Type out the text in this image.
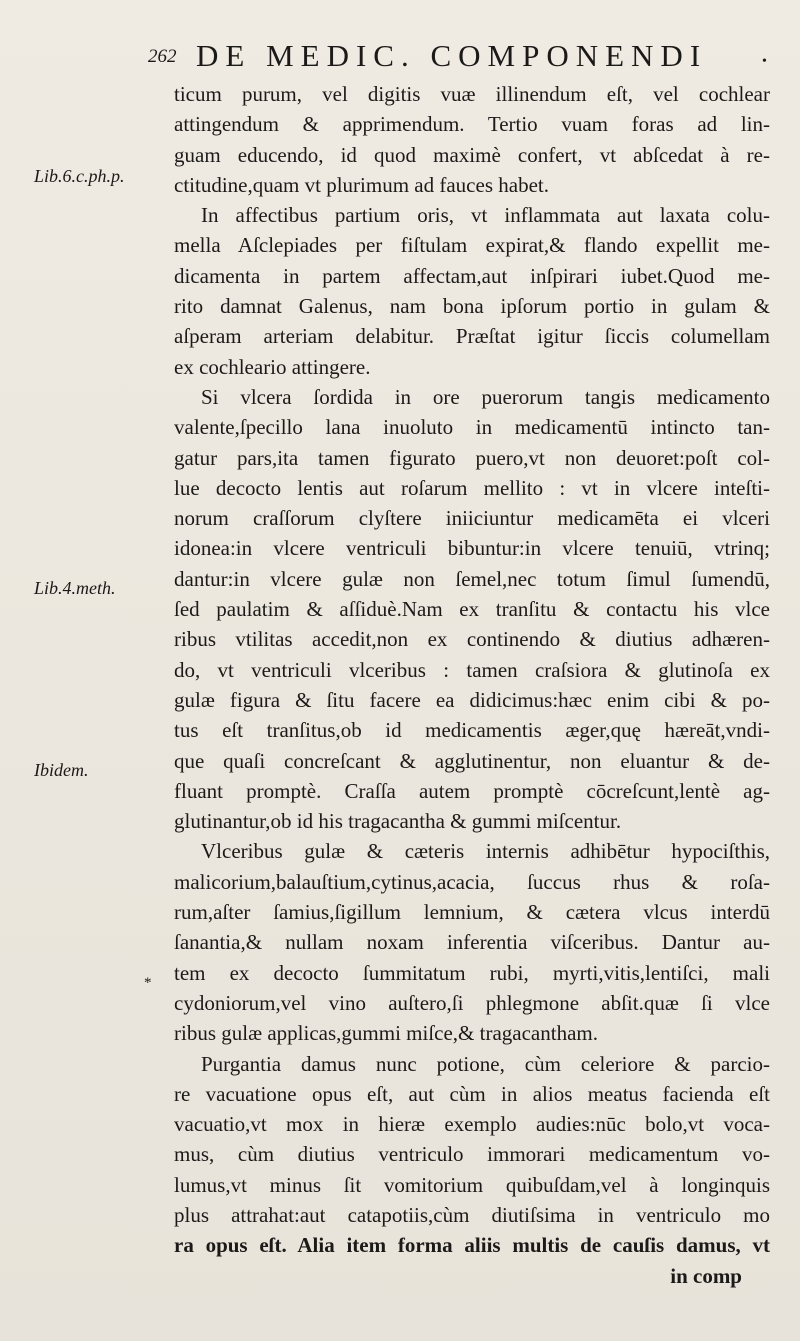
262 DE MEDIC. COMPONENDI	•
Lib.6.c.ph.p.
Lib.4.meth.
Ibidem.
*
ticum purum, vel digitis vuæ illinendum eſt, vel cochlear
attingendum & apprimendum. Tertio vuam foras ad lin-
guam educendo, id quod maximè confert, vt abſcedat à re-
ctitudine,quam vt plurimum ad fauces habet.
In affectibus partium oris, vt inflammata aut laxata colu-
mella Aſclepiades per fiſtulam expirat,& flando expellit me-
dicamenta in partem affectam,aut inſpirari iubet.Quod me-
rito damnat Galenus, nam bona ipſorum portio in gulam &
aſperam arteriam delabitur. Præſtat igitur ſiccis columellam
ex cochleario attingere.
Si vlcera ſordida in ore puerorum tangis medicamento
valente,ſpecillo lana inuoluto in medicamentū intincto tan-
gatur pars,ita tamen figurato puero,vt non deuoret:poſt col-
lue decocto lentis aut roſarum mellito : vt in vlcere inteſti-
norum craſſorum clyſtere iniiciuntur medicamēta ei vlceri
idonea:in vlcere ventriculi bibuntur:in vlcere tenuiū, vtrinq;
dantur:in vlcere gulæ non ſemel,nec totum ſimul ſumendū,
ſed paulatim & aſſiduè.Nam ex tranſitu & contactu his vlce
ribus vtilitas accedit,non ex continendo & diutius adhæren-
do, vt ventriculi vlceribus : tamen craſsiora & glutinoſa ex
gulæ figura & ſitu facere ea didicimus:hæc enim cibi & po-
tus eſt tranſitus,ob id medicamentis æger,quę hæreāt,vndi-
que quaſi concreſcant & agglutinentur, non eluantur & de-
fluant promptè. Craſſa autem promptè cōcreſcunt,lentè ag-
glutinantur,ob id his tragacantha & gummi miſcentur.
Vlceribus gulæ & cæteris internis adhibētur hypociſthis,
malicorium,balauſtium,cytinus,acacia, ſuccus rhus & roſa-
rum,aſter ſamius,ſigillum lemnium, & cætera vlcus interdū
ſanantia,& nullam noxam inferentia viſceribus. Dantur au-
tem ex decocto ſummitatum rubi, myrti,vitis,lentiſci, mali
cydoniorum,vel vino auſtero,ſi phlegmone abſit.quæ ſi vlce
ribus gulæ applicas,gummi miſce,& tragacantham.
Purgantia damus nunc potione, cùm celeriore & parcio-
re vacuatione opus eſt, aut cùm in alios meatus facienda eſt
vacuatio,vt mox in hieræ exemplo audies:nūc bolo,vt voca-
mus, cùm diutius ventriculo immorari medicamentum vo-
lumus,vt minus ſit vomitorium quibuſdam,vel à longinquis
plus attrahat:aut catapotiis,cùm diutiſsima in ventriculo mo
ra opus eſt. Alia item forma aliis multis de cauſis damus, vt
in comp
